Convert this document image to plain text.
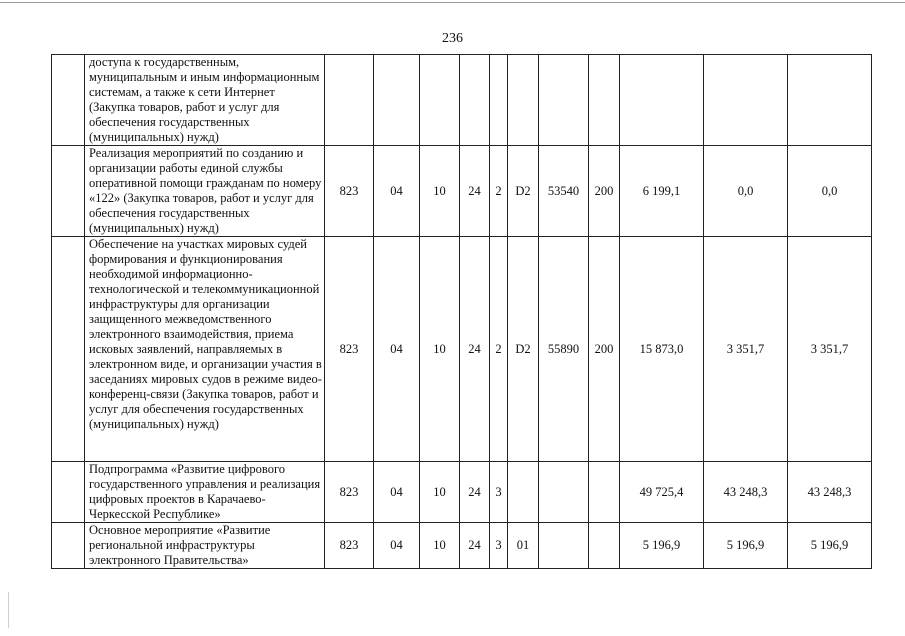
236
	доступа к государственным, муниципальным и иным информационным системам, а также к сети Интернет (Закупка товаров, работ и услуг для обеспечения государственных (муниципальных) нужд)											
	Реализация мероприятий по созданию и организации работы единой службы оперативной помощи гражданам по номеру «122» (Закупка товаров, работ и услуг для обеспечения государственных (муниципальных) нужд)	823	04	10	24	2	D2	53540	200	6 199,1	0,0	0,0
	Обеспечение на участках мировых судей формирования и функционирования необходимой информационно-технологической и телекоммуникационной инфраструктуры для организации защищенного межведомственного электронного взаимодействия, приема исковых заявлений, направляемых в электронном виде, и организации участия в заседаниях мировых судов в режиме видео-конференц-связи (Закупка товаров, работ и услуг для обеспечения государственных (муниципальных) нужд)	823	04	10	24	2	D2	55890	200	15 873,0	3 351,7	3 351,7
	Подпрограмма «Развитие цифрового государственного управления и реализация цифровых проектов в Карачаево-Черкесской Республике»	823	04	10	24	3				49 725,4	43 248,3	43 248,3
	Основное мероприятие «Развитие региональной инфраструктуры электронного Правительства»	823	04	10	24	3	01			5 196,9	5 196,9	5 196,9
